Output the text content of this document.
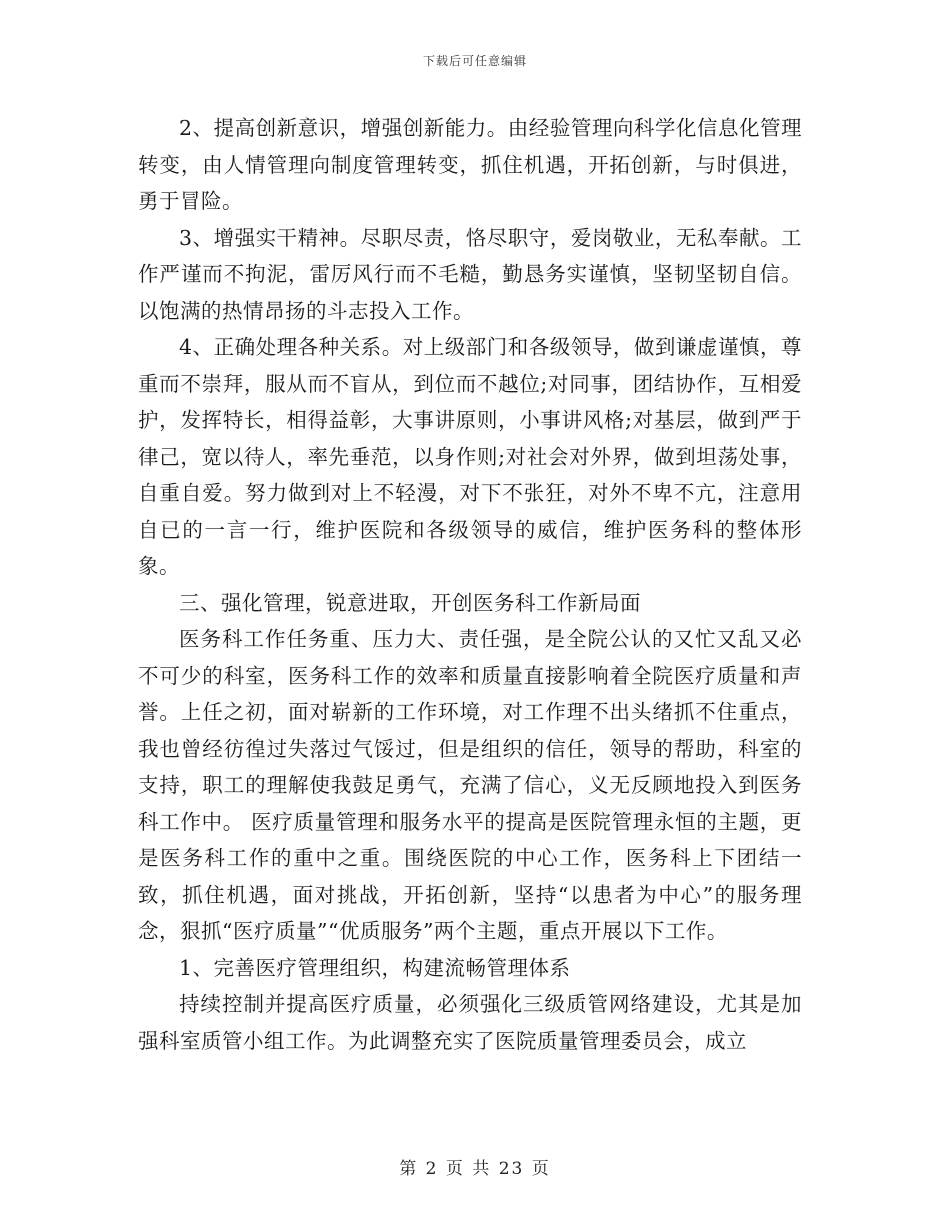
下载后可任意编辑

2、提高创新意识，增强创新能力。由经验管理向科学化信息化管理转变，由人情管理向制度管理转变，抓住机遇，开拓创新，与时俱进，勇于冒险。

3、增强实干精神。尽职尽责，恪尽职守，爱岗敬业，无私奉献。工作严谨而不拘泥，雷厉风行而不毛糙，勤恳务实谨慎，坚韧坚韧自信。以饱满的热情昂扬的斗志投入工作。

4、正确处理各种关系。对上级部门和各级领导，做到谦虚谨慎，尊重而不崇拜，服从而不盲从，到位而不越位;对同事，团结协作，互相爱护，发挥特长，相得益彰，大事讲原则，小事讲风格;对基层，做到严于律己，宽以待人，率先垂范，以身作则;对社会对外界，做到坦荡处事，自重自爱。努力做到对上不轻漫，对下不张狂，对外不卑不亢，注意用自已的一言一行，维护医院和各级领导的威信，维护医务科的整体形象。

三、强化管理，锐意进取，开创医务科工作新局面

医务科工作任务重、压力大、责任强，是全院公认的又忙又乱又必不可少的科室，医务科工作的效率和质量直接影响着全院医疗质量和声誉。上任之初，面对崭新的工作环境，对工作理不出头绪抓不住重点，我也曾经彷徨过失落过气馁过，但是组织的信任，领导的帮助，科室的支持，职工的理解使我鼓足勇气，充满了信心，义无反顾地投入到医务科工作中。 医疗质量管理和服务水平的提高是医院管理永恒的主题，更是医务科工作的重中之重。围绕医院的中心工作，医务科上下团结一致，抓住机遇，面对挑战，开拓创新，坚持“以患者为中心”的服务理念，狠抓“医疗质量”“优质服务”两个主题，重点开展以下工作。

1、完善医疗管理组织，构建流畅管理体系

持续控制并提高医疗质量，必须强化三级质管网络建设，尤其是加强科室质管小组工作。为此调整充实了医院质量管理委员会，成立

第 2 页 共 23 页
